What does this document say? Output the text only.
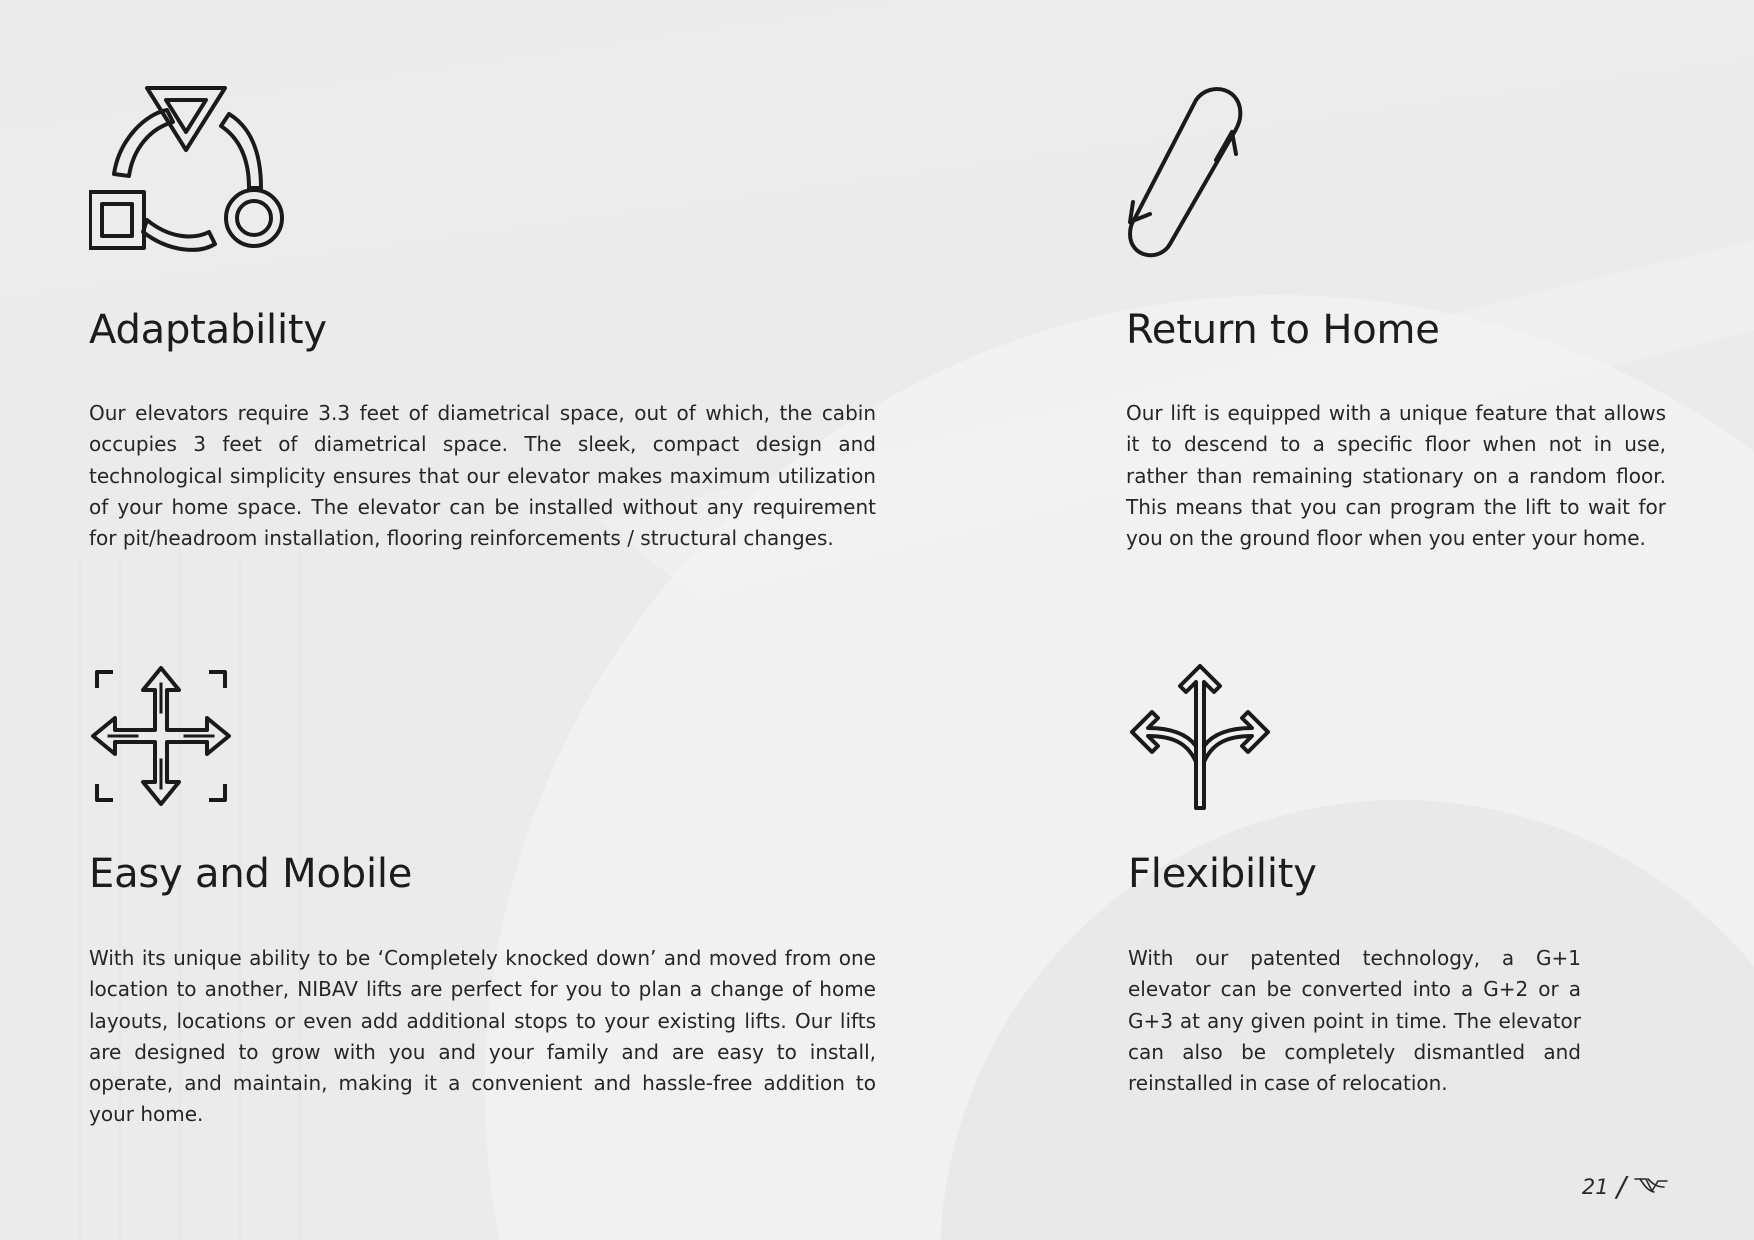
Adaptability

Our elevators require 3.3 feet of diametrical space, out of which, the cabin occupies 3 feet of diametrical space. The sleek, compact design and technological simplicity ensures that our elevator makes maximum utilization of your home space. The elevator can be installed without any requirement for pit/headroom installation, flooring reinforcements / structural changes.

Return to Home

Our lift is equipped with a unique feature that allows it to descend to a specific floor when not in use, rather than remaining stationary on a random floor. This means that you can program the lift to wait for you on the ground floor when you enter your home.

Easy and Mobile

With its unique ability to be ‘Completely knocked down’ and moved from one location to another, NIBAV lifts are perfect for you to plan a change of home layouts, locations or even add additional stops to your existing lifts. Our lifts are designed to grow with you and your family and are easy to install, operate, and maintain, making it a convenient and hassle-free addition to your home.

Flexibility

With our patented technology, a G+1 elevator can be converted into a G+2 or a G+3 at any given point in time. The elevator can also be completely dismantled and reinstalled in case of relocation.

21 /
